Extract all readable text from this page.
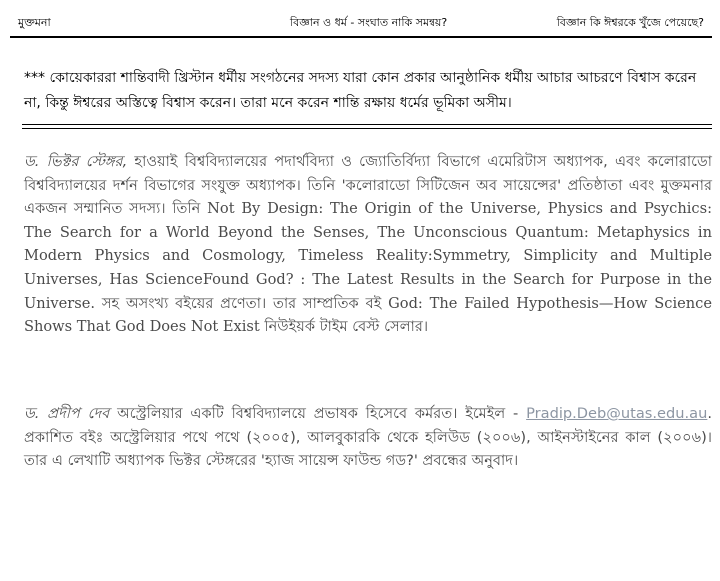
মুক্তমনা	বিজ্ঞান ও ধর্ম - সংঘাত নাকি সমন্বয়?	বিজ্ঞান কি ঈশ্বরকে খুঁজে পেয়েছে?
*** কোয়েকাররা শান্তিবাদী খ্রিস্টান ধর্মীয় সংগঠনের সদস্য যারা কোন প্রকার আনুষ্ঠানিক ধর্মীয় আচার আচরণে বিশ্বাস করেন না, কিন্তু ঈশ্বরের অস্তিত্বে বিশ্বাস করেন। তারা মনে করেন শান্তি রক্ষায় ধর্মের ভূমিকা অসীম।
ড. ভিক্টর স্টেঙ্গর, হাওয়াই বিশ্ববিদ্যালয়ের পদার্থবিদ্যা ও জ্যোতির্বিদ্যা বিভাগে এমেরিটাস অধ্যাপক, এবং কলোরাডো বিশ্ববিদ্যালয়ের দর্শন বিভাগের সংযুক্ত অধ্যাপক। তিনি 'কলোরাডো সিটিজেন অব সায়েন্সের' প্রতিষ্ঠাতা এবং মুক্তমনার একজন সম্মানিত সদস্য। তিনি Not By Design: The Origin of the Universe, Physics and Psychics: The Search for a World Beyond the Senses, The Unconscious Quantum: Metaphysics in Modern Physics and Cosmology, Timeless Reality:Symmetry, Simplicity and Multiple Universes, Has ScienceFound God? : The Latest Results in the Search for Purpose in the Universe. সহ অসংখ্য বইয়ের প্রণেতা। তার সাম্প্রতিক বই God: The Failed Hypothesis—How Science Shows That God Does Not Exist নিউইয়র্ক টাইম বেস্ট সেলার।
ড. প্রদীপ দেব অস্ট্রেলিয়ার একটি বিশ্ববিদ্যালয়ে প্রভাষক হিসেবে কর্মরত। ইমেইল - Pradip.Deb@utas.edu.au. প্রকাশিত বইঃ অস্ট্রেলিয়ার পথে পথে (২০০৫), আলবুকারকি থেকে হলিউড (২০০৬), আইনস্টাইনের কাল (২০০৬)। তার এ লেখাটি অধ্যাপক ভিক্টর স্টেঙ্গরের 'হ্যাজ সায়েন্স ফাউন্ড গড?' প্রবন্ধের অনুবাদ।
